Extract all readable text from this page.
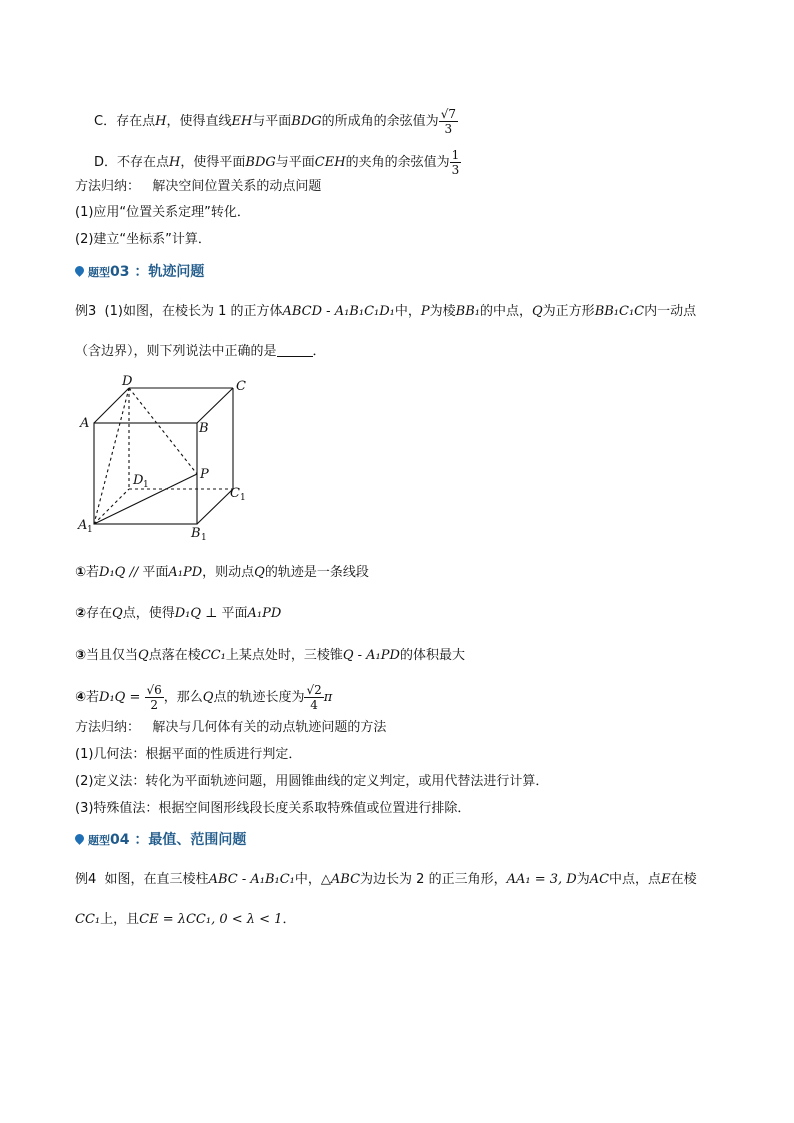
C．存在点H，使得直线EH与平面BDG的所成角的余弦值为 $\frac{√7}{3}$
D．不存在点H，使得平面BDG与平面CEH的夹角的余弦值为 $\frac{1}{3}$
方法归纳： 解决空间位置关系的动点问题
(1)应用“位置关系定理”转化．
(2)建立“坐标系”计算．
题型03 ：轨迹问题
例3 (1)如图，在棱长为 1 的正方体ABCD - A₁B₁C₁D₁中，P为棱BB₁的中点，Q为正方形BB₁C₁C内一动点
（含边界），则下列说法中正确的是	．
D	C
A	B
P
D 1
C 1
A 1	B 1
①若D₁Q // 平面A₁PD，则动点Q的轨迹是一条线段
②存在Q点，使得D₁Q ⊥ 平面A₁PD
③当且仅当Q点落在棱CC₁上某点处时，三棱锥Q - A₁PD的体积最大
④若$D_1Q = \frac{√6}{2}$ ，那么Q点的轨迹长度为 $\frac{√2}{4}$ π
方法归纳： 解决与几何体有关的动点轨迹问题的方法
(1)几何法：根据平面的性质进行判定．
(2)定义法：转化为平面轨迹问题，用圆锥曲线的定义判定，或用代替法进行计算．
(3)特殊值法：根据空间图形线段长度关系取特殊值或位置进行排除．
题型04 ：最值、范围问题
例4 如图，在直三棱柱ABC - A₁B₁C₁中，△ABC为边长为 2 的正三角形，AA₁ = 3, D为AC中点，点E在棱
CC₁上，且CE = λCC₁, 0 < λ < 1．
